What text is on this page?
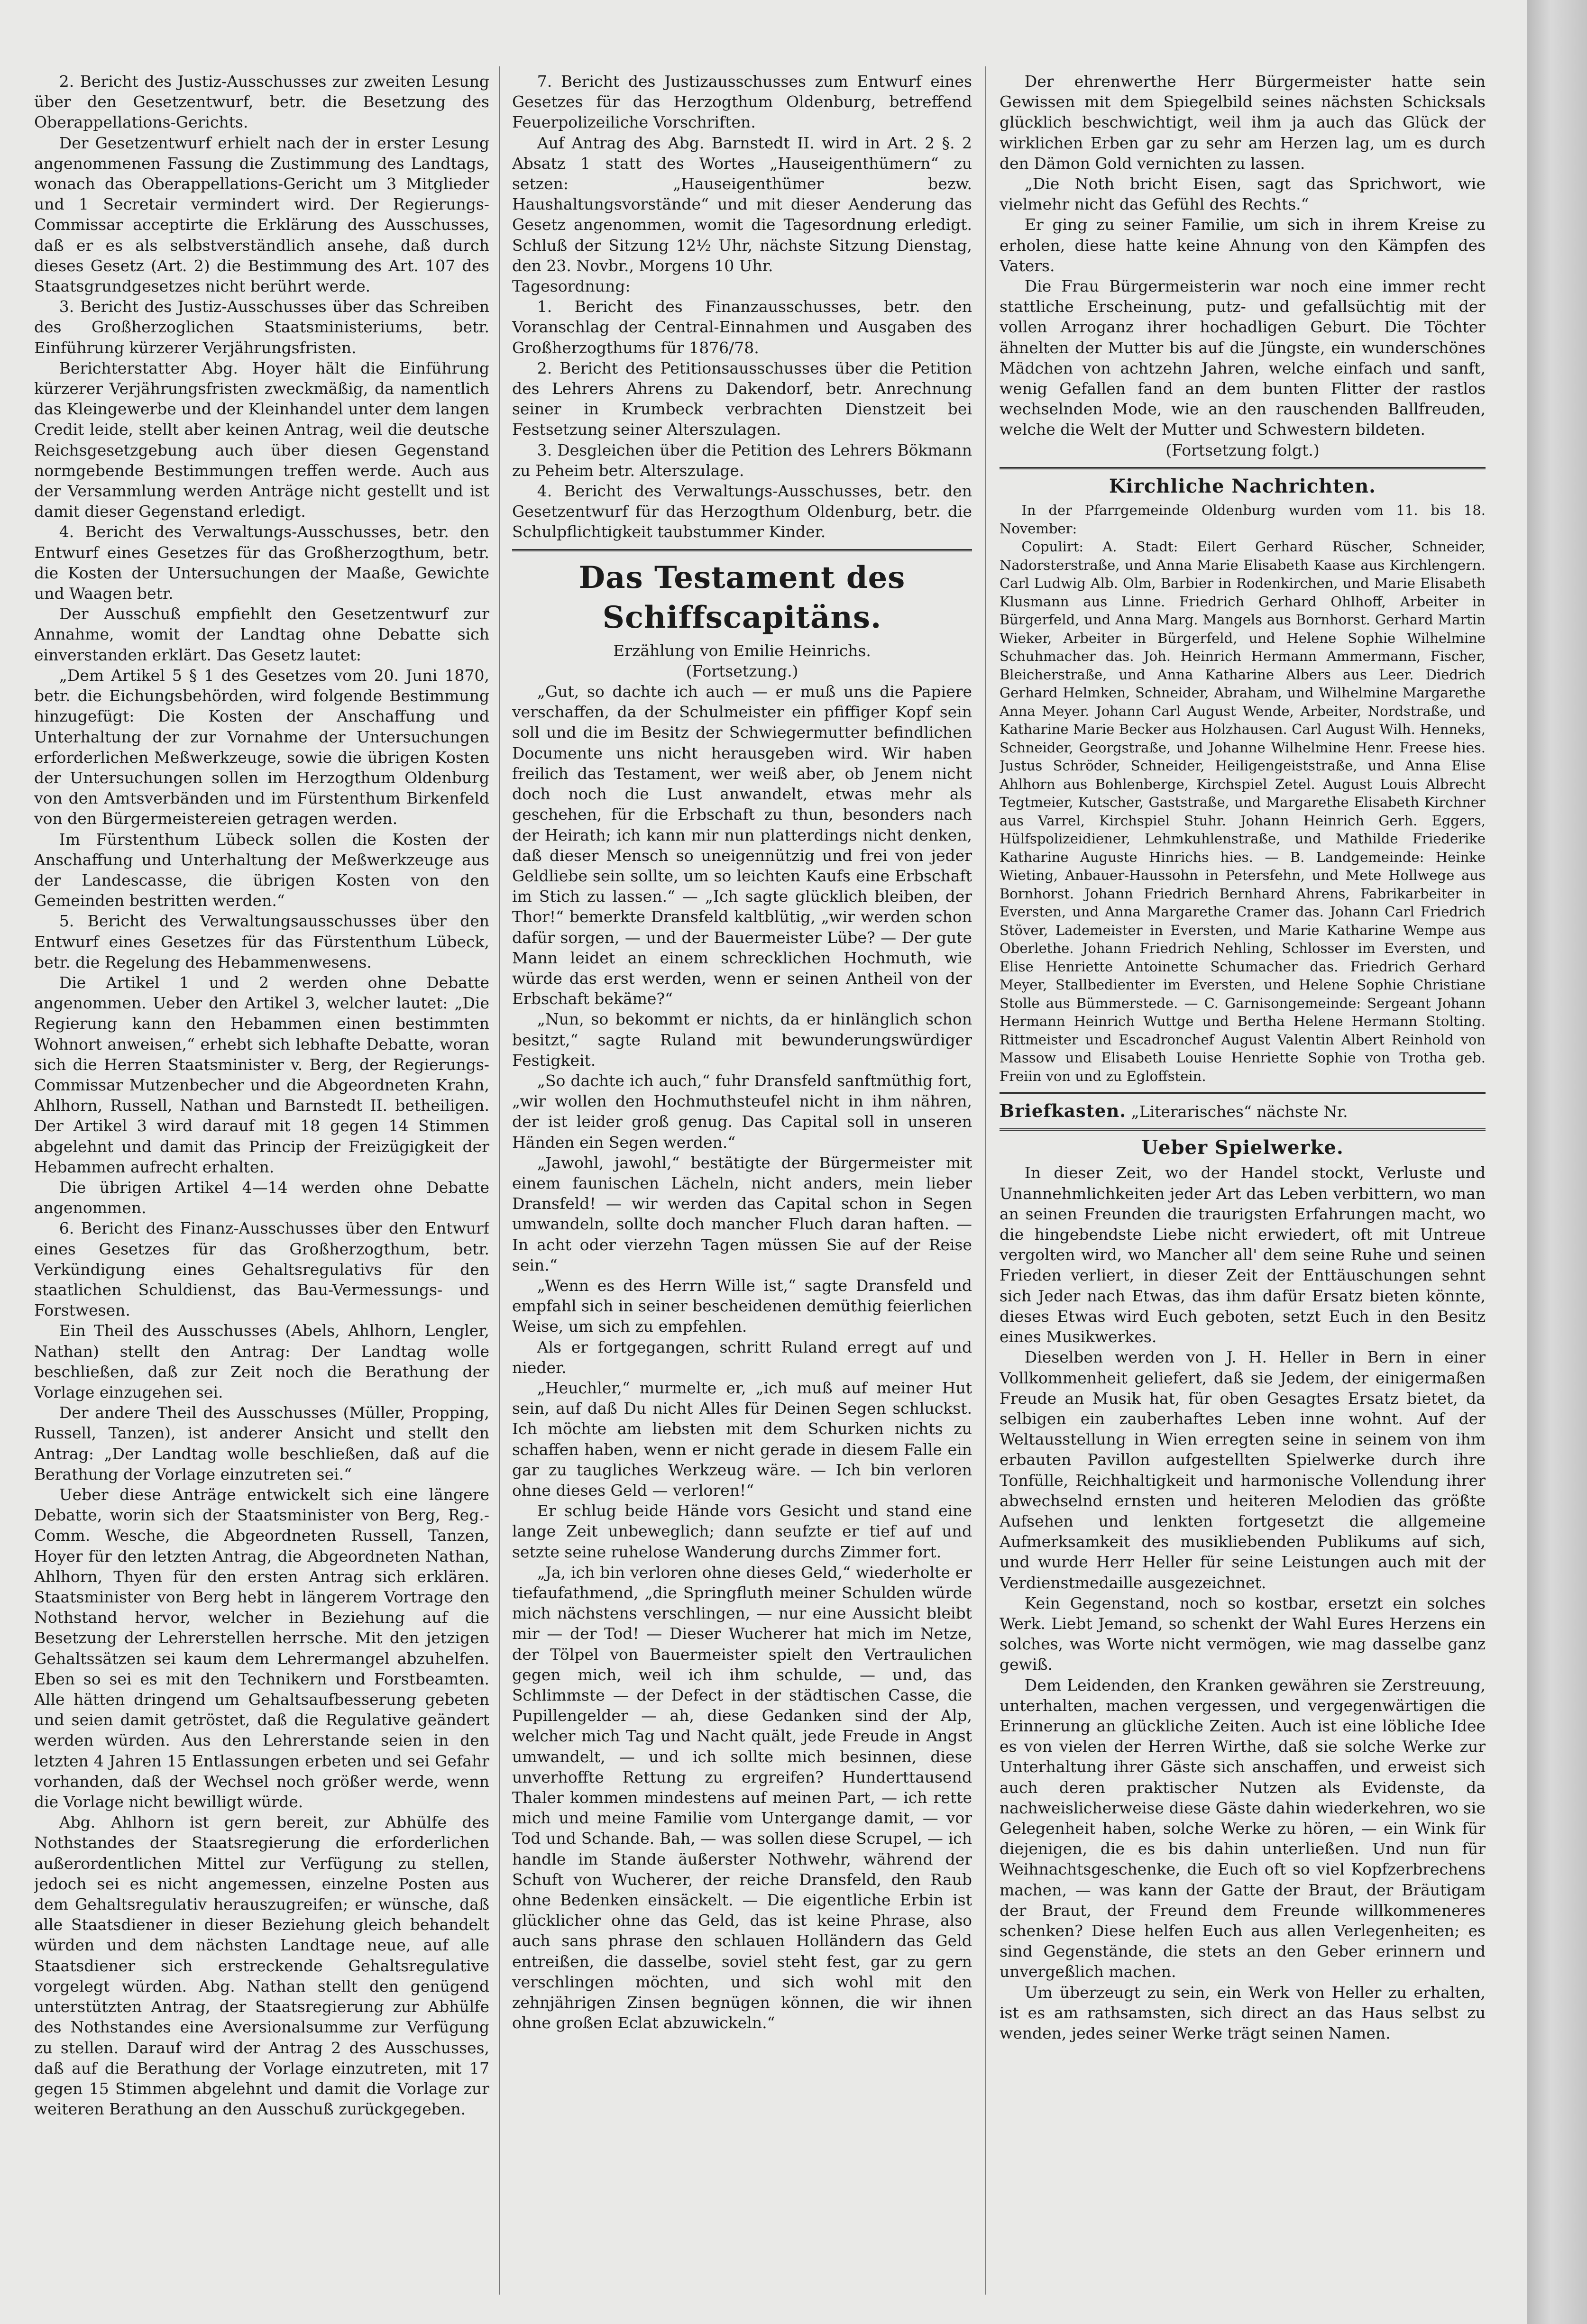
2. Bericht des Justiz-Ausschusses zur zweiten Lesung über den Gesetzentwurf, betr. die Besetzung des Oberappellations-Gerichts.

Der Gesetzentwurf erhielt nach der in erster Lesung angenommenen Fassung die Zustimmung des Landtags, wonach das Oberappellations-Gericht um 3 Mitglieder und 1 Secretair vermindert wird. Der Regierungs-Commissar acceptirte die Erklärung des Ausschusses, daß er es als selbstverständlich ansehe, daß durch dieses Gesetz (Art. 2) die Bestimmung des Art. 107 des Staatsgrundgesetzes nicht berührt werde.

3. Bericht des Justiz-Ausschusses über das Schreiben des Großherzoglichen Staatsministeriums, betr. Einführung kürzerer Verjährungsfristen.

Berichterstatter Abg. Hoyer hält die Einführung kürzerer Verjährungsfristen zweckmäßig, da namentlich das Kleingewerbe und der Kleinhandel unter dem langen Credit leide, stellt aber keinen Antrag, weil die deutsche Reichsgesetzgebung auch über diesen Gegenstand normgebende Bestimmungen treffen werde. Auch aus der Versammlung werden Anträge nicht gestellt und ist damit dieser Gegenstand erledigt.

4. Bericht des Verwaltungs-Ausschusses, betr. den Entwurf eines Gesetzes für das Großherzogthum, betr. die Kosten der Untersuchungen der Maaße, Gewichte und Waagen betr.

Der Ausschuß empfiehlt den Gesetzentwurf zur Annahme, womit der Landtag ohne Debatte sich einverstanden erklärt. Das Gesetz lautet:

„Dem Artikel 5 § 1 des Gesetzes vom 20. Juni 1870, betr. die Eichungsbehörden, wird folgende Bestimmung hinzugefügt: Die Kosten der Anschaffung und Unterhaltung der zur Vornahme der Untersuchungen erforderlichen Meßwerkzeuge, sowie die übrigen Kosten der Untersuchungen sollen im Herzogthum Oldenburg von den Amtsverbänden und im Fürstenthum Birkenfeld von den Bürgermeistereien getragen werden.

Im Fürstenthum Lübeck sollen die Kosten der Anschaffung und Unterhaltung der Meßwerkzeuge aus der Landescasse, die übrigen Kosten von den Gemeinden bestritten werden.“

5. Bericht des Verwaltungsausschusses über den Entwurf eines Gesetzes für das Fürstenthum Lübeck, betr. die Regelung des Hebammenwesens.

Die Artikel 1 und 2 werden ohne Debatte angenommen. Ueber den Artikel 3, welcher lautet: „Die Regierung kann den Hebammen einen bestimmten Wohnort anweisen,“ erhebt sich lebhafte Debatte, woran sich die Herren Staatsminister v. Berg, der Regierungs-Commissar Mutzenbecher und die Abgeordneten Krahn, Ahlhorn, Russell, Nathan und Barnstedt II. betheiligen. Der Artikel 3 wird darauf mit 18 gegen 14 Stimmen abgelehnt und damit das Princip der Freizügigkeit der Hebammen aufrecht erhalten.

Die übrigen Artikel 4—14 werden ohne Debatte angenommen.

6. Bericht des Finanz-Ausschusses über den Entwurf eines Gesetzes für das Großherzogthum, betr. Verkündigung eines Gehaltsregulativs für den staatlichen Schuldienst, das Bau-Vermessungs- und Forstwesen.

Ein Theil des Ausschusses (Abels, Ahlhorn, Lengler, Nathan) stellt den Antrag: Der Landtag wolle beschließen, daß zur Zeit noch die Berathung der Vorlage einzugehen sei.

Der andere Theil des Ausschusses (Müller, Propping, Russell, Tanzen), ist anderer Ansicht und stellt den Antrag: „Der Landtag wolle beschließen, daß auf die Berathung der Vorlage einzutreten sei.“

Ueber diese Anträge entwickelt sich eine längere Debatte, worin sich der Staatsminister von Berg, Reg.-Comm. Wesche, die Abgeordneten Russell, Tanzen, Hoyer für den letzten Antrag, die Abgeordneten Nathan, Ahlhorn, Thyen für den ersten Antrag sich erklären. Staatsminister von Berg hebt in längerem Vortrage den Nothstand hervor, welcher in Beziehung auf die Besetzung der Lehrerstellen herrsche. Mit den jetzigen Gehaltssätzen sei kaum dem Lehrermangel abzuhelfen. Eben so sei es mit den Technikern und Forstbeamten. Alle hätten dringend um Gehaltsaufbesserung gebeten und seien damit getröstet, daß die Regulative geändert werden würden. Aus den Lehrerstande seien in den letzten 4 Jahren 15 Entlassungen erbeten und sei Gefahr vorhanden, daß der Wechsel noch größer werde, wenn die Vorlage nicht bewilligt würde.

Abg. Ahlhorn ist gern bereit, zur Abhülfe des Nothstandes der Staatsregierung die erforderlichen außerordentlichen Mittel zur Verfügung zu stellen, jedoch sei es nicht angemessen, einzelne Posten aus dem Gehaltsregulativ herauszugreifen; er wünsche, daß alle Staatsdiener in dieser Beziehung gleich behandelt würden und dem nächsten Landtage neue, auf alle Staatsdiener sich erstreckende Gehaltsregulative vorgelegt würden. Abg. Nathan stellt den genügend unterstützten Antrag, der Staatsregierung zur Abhülfe des Nothstandes eine Aversionalsumme zur Verfügung zu stellen. Darauf wird der Antrag 2 des Ausschusses, daß auf die Berathung der Vorlage einzutreten, mit 17 gegen 15 Stimmen abgelehnt und damit die Vorlage zur weiteren Berathung an den Ausschuß zurückgegeben.

7. Bericht des Justizausschusses zum Entwurf eines Gesetzes für das Herzogthum Oldenburg, betreffend Feuerpolizeiliche Vorschriften.

Auf Antrag des Abg. Barnstedt II. wird in Art. 2 §. 2 Absatz 1 statt des Wortes „Hauseigenthümern“ zu setzen: „Hauseigenthümer bezw. Haushaltungsvorstände“ und mit dieser Aenderung das Gesetz angenommen, womit die Tagesordnung erledigt. Schluß der Sitzung 12½ Uhr, nächste Sitzung Dienstag, den 23. Novbr., Morgens 10 Uhr.

Tagesordnung:

1. Bericht des Finanzausschusses, betr. den Voranschlag der Central-Einnahmen und Ausgaben des Großherzogthums für 1876/78.

2. Bericht des Petitionsausschusses über die Petition des Lehrers Ahrens zu Dakendorf, betr. Anrechnung seiner in Krumbeck verbrachten Dienstzeit bei Festsetzung seiner Alterszulagen.

3. Desgleichen über die Petition des Lehrers Bökmann zu Peheim betr. Alterszulage.

4. Bericht des Verwaltungs-Ausschusses, betr. den Gesetzentwurf für das Herzogthum Oldenburg, betr. die Schulpflichtigkeit taubstummer Kinder.

Das Testament des Schiffscapitäns.

Erzählung von Emilie Heinrichs.

(Fortsetzung.)

„Gut, so dachte ich auch — er muß uns die Papiere verschaffen, da der Schulmeister ein pfiffiger Kopf sein soll und die im Besitz der Schwiegermutter befindlichen Documente uns nicht herausgeben wird. Wir haben freilich das Testament, wer weiß aber, ob Jenem nicht doch noch die Lust anwandelt, etwas mehr als geschehen, für die Erbschaft zu thun, besonders nach der Heirath; ich kann mir nun platterdings nicht denken, daß dieser Mensch so uneigennützig und frei von jeder Geldliebe sein sollte, um so leichten Kaufs eine Erbschaft im Stich zu lassen.“ — „Ich sagte glücklich bleiben, der Thor!“ bemerkte Dransfeld kaltblütig, „wir werden schon dafür sorgen, — und der Bauermeister Lübe? — Der gute Mann leidet an einem schrecklichen Hochmuth, wie würde das erst werden, wenn er seinen Antheil von der Erbschaft bekäme?“

„Nun, so bekommt er nichts, da er hinlänglich schon besitzt,“ sagte Ruland mit bewunderungswürdiger Festigkeit.

„So dachte ich auch,“ fuhr Dransfeld sanftmüthig fort, „wir wollen den Hochmuthsteufel nicht in ihm nähren, der ist leider groß genug. Das Capital soll in unseren Händen ein Segen werden.“

„Jawohl, jawohl,“ bestätigte der Bürgermeister mit einem faunischen Lächeln, nicht anders, mein lieber Dransfeld! — wir werden das Capital schon in Segen umwandeln, sollte doch mancher Fluch daran haften. — In acht oder vierzehn Tagen müssen Sie auf der Reise sein.“

„Wenn es des Herrn Wille ist,“ sagte Dransfeld und empfahl sich in seiner bescheidenen demüthig feierlichen Weise, um sich zu empfehlen.

Als er fortgegangen, schritt Ruland erregt auf und nieder.

„Heuchler,“ murmelte er, „ich muß auf meiner Hut sein, auf daß Du nicht Alles für Deinen Segen schluckst. Ich möchte am liebsten mit dem Schurken nichts zu schaffen haben, wenn er nicht gerade in diesem Falle ein gar zu taugliches Werkzeug wäre. — Ich bin verloren ohne dieses Geld — verloren!“

Er schlug beide Hände vors Gesicht und stand eine lange Zeit unbeweglich; dann seufzte er tief auf und setzte seine ruhelose Wanderung durchs Zimmer fort.

„Ja, ich bin verloren ohne dieses Geld,“ wiederholte er tiefaufathmend, „die Springfluth meiner Schulden würde mich nächstens verschlingen, — nur eine Aussicht bleibt mir — der Tod! — Dieser Wucherer hat mich im Netze, der Tölpel von Bauermeister spielt den Vertraulichen gegen mich, weil ich ihm schulde, — und, das Schlimmste — der Defect in der städtischen Casse, die Pupillengelder — ah, diese Gedanken sind der Alp, welcher mich Tag und Nacht quält, jede Freude in Angst umwandelt, — und ich sollte mich besinnen, diese unverhoffte Rettung zu ergreifen? Hunderttausend Thaler kommen mindestens auf meinen Part, — ich rette mich und meine Familie vom Untergange damit, — vor Tod und Schande. Bah, — was sollen diese Scrupel, — ich handle im Stande äußerster Nothwehr, während der Schuft von Wucherer, der reiche Dransfeld, den Raub ohne Bedenken einsäckelt. — Die eigentliche Erbin ist glücklicher ohne das Geld, das ist keine Phrase, also auch sans phrase den schlauen Holländern das Geld entreißen, die dasselbe, soviel steht fest, gar zu gern verschlingen möchten, und sich wohl mit den zehnjährigen Zinsen begnügen können, die wir ihnen ohne großen Eclat abzuwickeln.“

Der ehrenwerthe Herr Bürgermeister hatte sein Gewissen mit dem Spiegelbild seines nächsten Schicksals glücklich beschwichtigt, weil ihm ja auch das Glück der wirklichen Erben gar zu sehr am Herzen lag, um es durch den Dämon Gold vernichten zu lassen.

„Die Noth bricht Eisen, sagt das Sprichwort, wie vielmehr nicht das Gefühl des Rechts.“

Er ging zu seiner Familie, um sich in ihrem Kreise zu erholen, diese hatte keine Ahnung von den Kämpfen des Vaters.

Die Frau Bürgermeisterin war noch eine immer recht stattliche Erscheinung, putz- und gefallsüchtig mit der vollen Arroganz ihrer hochadligen Geburt. Die Töchter ähnelten der Mutter bis auf die Jüngste, ein wunderschönes Mädchen von achtzehn Jahren, welche einfach und sanft, wenig Gefallen fand an dem bunten Flitter der rastlos wechselnden Mode, wie an den rauschenden Ballfreuden, welche die Welt der Mutter und Schwestern bildeten.

(Fortsetzung folgt.)

Kirchliche Nachrichten.

In der Pfarrgemeinde Oldenburg wurden vom 11. bis 18. November:

Copulirt: A. Stadt: Eilert Gerhard Rüscher, Schneider, Nadorsterstraße, und Anna Marie Elisabeth Kaase aus Kirchlengern. Carl Ludwig Alb. Olm, Barbier in Rodenkirchen, und Marie Elisabeth Klusmann aus Linne. Friedrich Gerhard Ohlhoff, Arbeiter in Bürgerfeld, und Anna Marg. Mangels aus Bornhorst. Gerhard Martin Wieker, Arbeiter in Bürgerfeld, und Helene Sophie Wilhelmine Schuhmacher das. Joh. Heinrich Hermann Ammermann, Fischer, Bleicherstraße, und Anna Katharine Albers aus Leer. Diedrich Gerhard Helmken, Schneider, Abraham, und Wilhelmine Margarethe Anna Meyer. Johann Carl August Wende, Arbeiter, Nordstraße, und Katharine Marie Becker aus Holzhausen. Carl August Wilh. Henneks, Schneider, Georgstraße, und Johanne Wilhelmine Henr. Freese hies. Justus Schröder, Schneider, Heiligengeiststraße, und Anna Elise Ahlhorn aus Bohlenberge, Kirchspiel Zetel. August Louis Albrecht Tegtmeier, Kutscher, Gaststraße, und Margarethe Elisabeth Kirchner aus Varrel, Kirchspiel Stuhr. Johann Heinrich Gerh. Eggers, Hülfspolizeidiener, Lehmkuhlenstraße, und Mathilde Friederike Katharine Auguste Hinrichs hies. — B. Landgemeinde: Heinke Wieting, Anbauer-Haussohn in Petersfehn, und Mete Hollwege aus Bornhorst. Johann Friedrich Bernhard Ahrens, Fabrikarbeiter in Eversten, und Anna Margarethe Cramer das. Johann Carl Friedrich Stöver, Lademeister in Eversten, und Marie Katharine Wempe aus Oberlethe. Johann Friedrich Nehling, Schlosser im Eversten, und Elise Henriette Antoinette Schumacher das. Friedrich Gerhard Meyer, Stallbedienter im Eversten, und Helene Sophie Christiane Stolle aus Bümmerstede. — C. Garnisongemeinde: Sergeant Johann Hermann Heinrich Wuttge und Bertha Helene Hermann Stolting. Rittmeister und Escadronchef August Valentin Albert Reinhold von Massow und Elisabeth Louise Henriette Sophie von Trotha geb. Freiin von und zu Egloffstein.

Briefkasten. „Literarisches“ nächste Nr.

Ueber Spielwerke.

In dieser Zeit, wo der Handel stockt, Verluste und Unannehmlichkeiten jeder Art das Leben verbittern, wo man an seinen Freunden die traurigsten Erfahrungen macht, wo die hingebendste Liebe nicht erwiedert, oft mit Untreue vergolten wird, wo Mancher all' dem seine Ruhe und seinen Frieden verliert, in dieser Zeit der Enttäuschungen sehnt sich Jeder nach Etwas, das ihm dafür Ersatz bieten könnte, dieses Etwas wird Euch geboten, setzt Euch in den Besitz eines Musikwerkes.

Dieselben werden von J. H. Heller in Bern in einer Vollkommenheit geliefert, daß sie Jedem, der einigermaßen Freude an Musik hat, für oben Gesagtes Ersatz bietet, da selbigen ein zauberhaftes Leben inne wohnt. Auf der Weltausstellung in Wien erregten seine in seinem von ihm erbauten Pavillon aufgestellten Spielwerke durch ihre Tonfülle, Reichhaltigkeit und harmonische Vollendung ihrer abwechselnd ernsten und heiteren Melodien das größte Aufsehen und lenkten fortgesetzt die allgemeine Aufmerksamkeit des musikliebenden Publikums auf sich, und wurde Herr Heller für seine Leistungen auch mit der Verdienstmedaille ausgezeichnet.

Kein Gegenstand, noch so kostbar, ersetzt ein solches Werk. Liebt Jemand, so schenkt der Wahl Eures Herzens ein solches, was Worte nicht vermögen, wie mag dasselbe ganz gewiß.

Dem Leidenden, den Kranken gewähren sie Zerstreuung, unterhalten, machen vergessen, und vergegenwärtigen die Erinnerung an glückliche Zeiten. Auch ist eine löbliche Idee es von vielen der Herren Wirthe, daß sie solche Werke zur Unterhaltung ihrer Gäste sich anschaffen, und erweist sich auch deren praktischer Nutzen als Evidenste, da nachweislicherweise diese Gäste dahin wiederkehren, wo sie Gelegenheit haben, solche Werke zu hören, — ein Wink für diejenigen, die es bis dahin unterließen. Und nun für Weihnachtsgeschenke, die Euch oft so viel Kopfzerbrechens machen, — was kann der Gatte der Braut, der Bräutigam der Braut, der Freund dem Freunde willkommeneres schenken? Diese helfen Euch aus allen Verlegenheiten; es sind Gegenstände, die stets an den Geber erinnern und unvergeßlich machen.

Um überzeugt zu sein, ein Werk von Heller zu erhalten, ist es am rathsamsten, sich direct an das Haus selbst zu wenden, jedes seiner Werke trägt seinen Namen.
